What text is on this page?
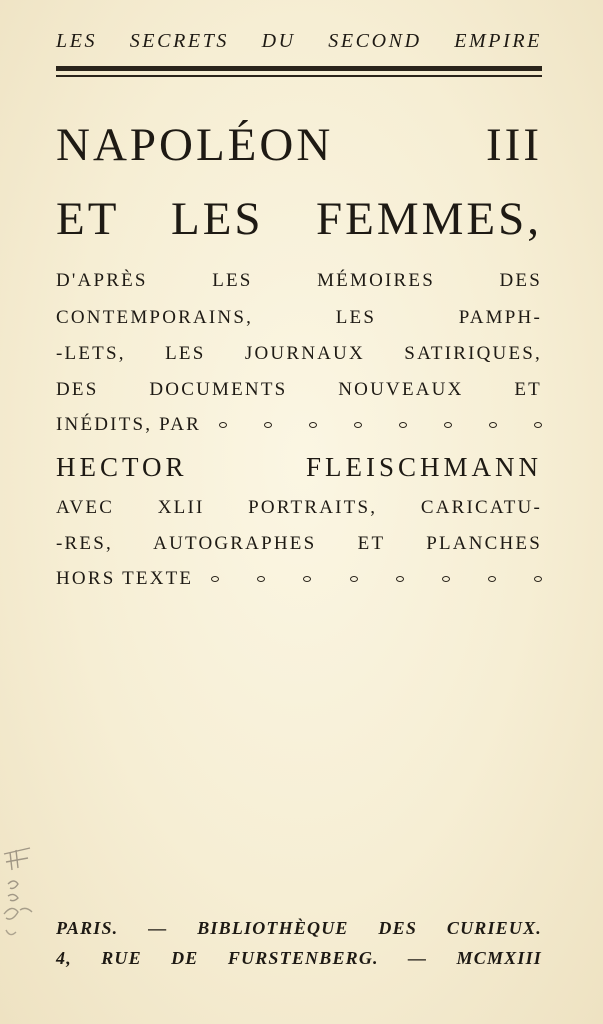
LES SECRETS DU SECOND EMPIRE
NAPOLÉON III
ET LES FEMMES,
D'APRÈS LES MÉMOIRES DES
CONTEMPORAINS, LES PAMPH-
-LETS, LES JOURNAUX SATIRIQUES,
DES DOCUMENTS NOUVEAUX ET
INÉDITS, PAR
HECTOR FLEISCHMANN
AVEC XLII PORTRAITS, CARICATU-
-RES, AUTOGRAPHES ET PLANCHES
HORS TEXTE
PARIS. — BIBLIOTHÈQUE DES CURIEUX.
4, RUE DE FURSTENBERG. — MCMXIII
